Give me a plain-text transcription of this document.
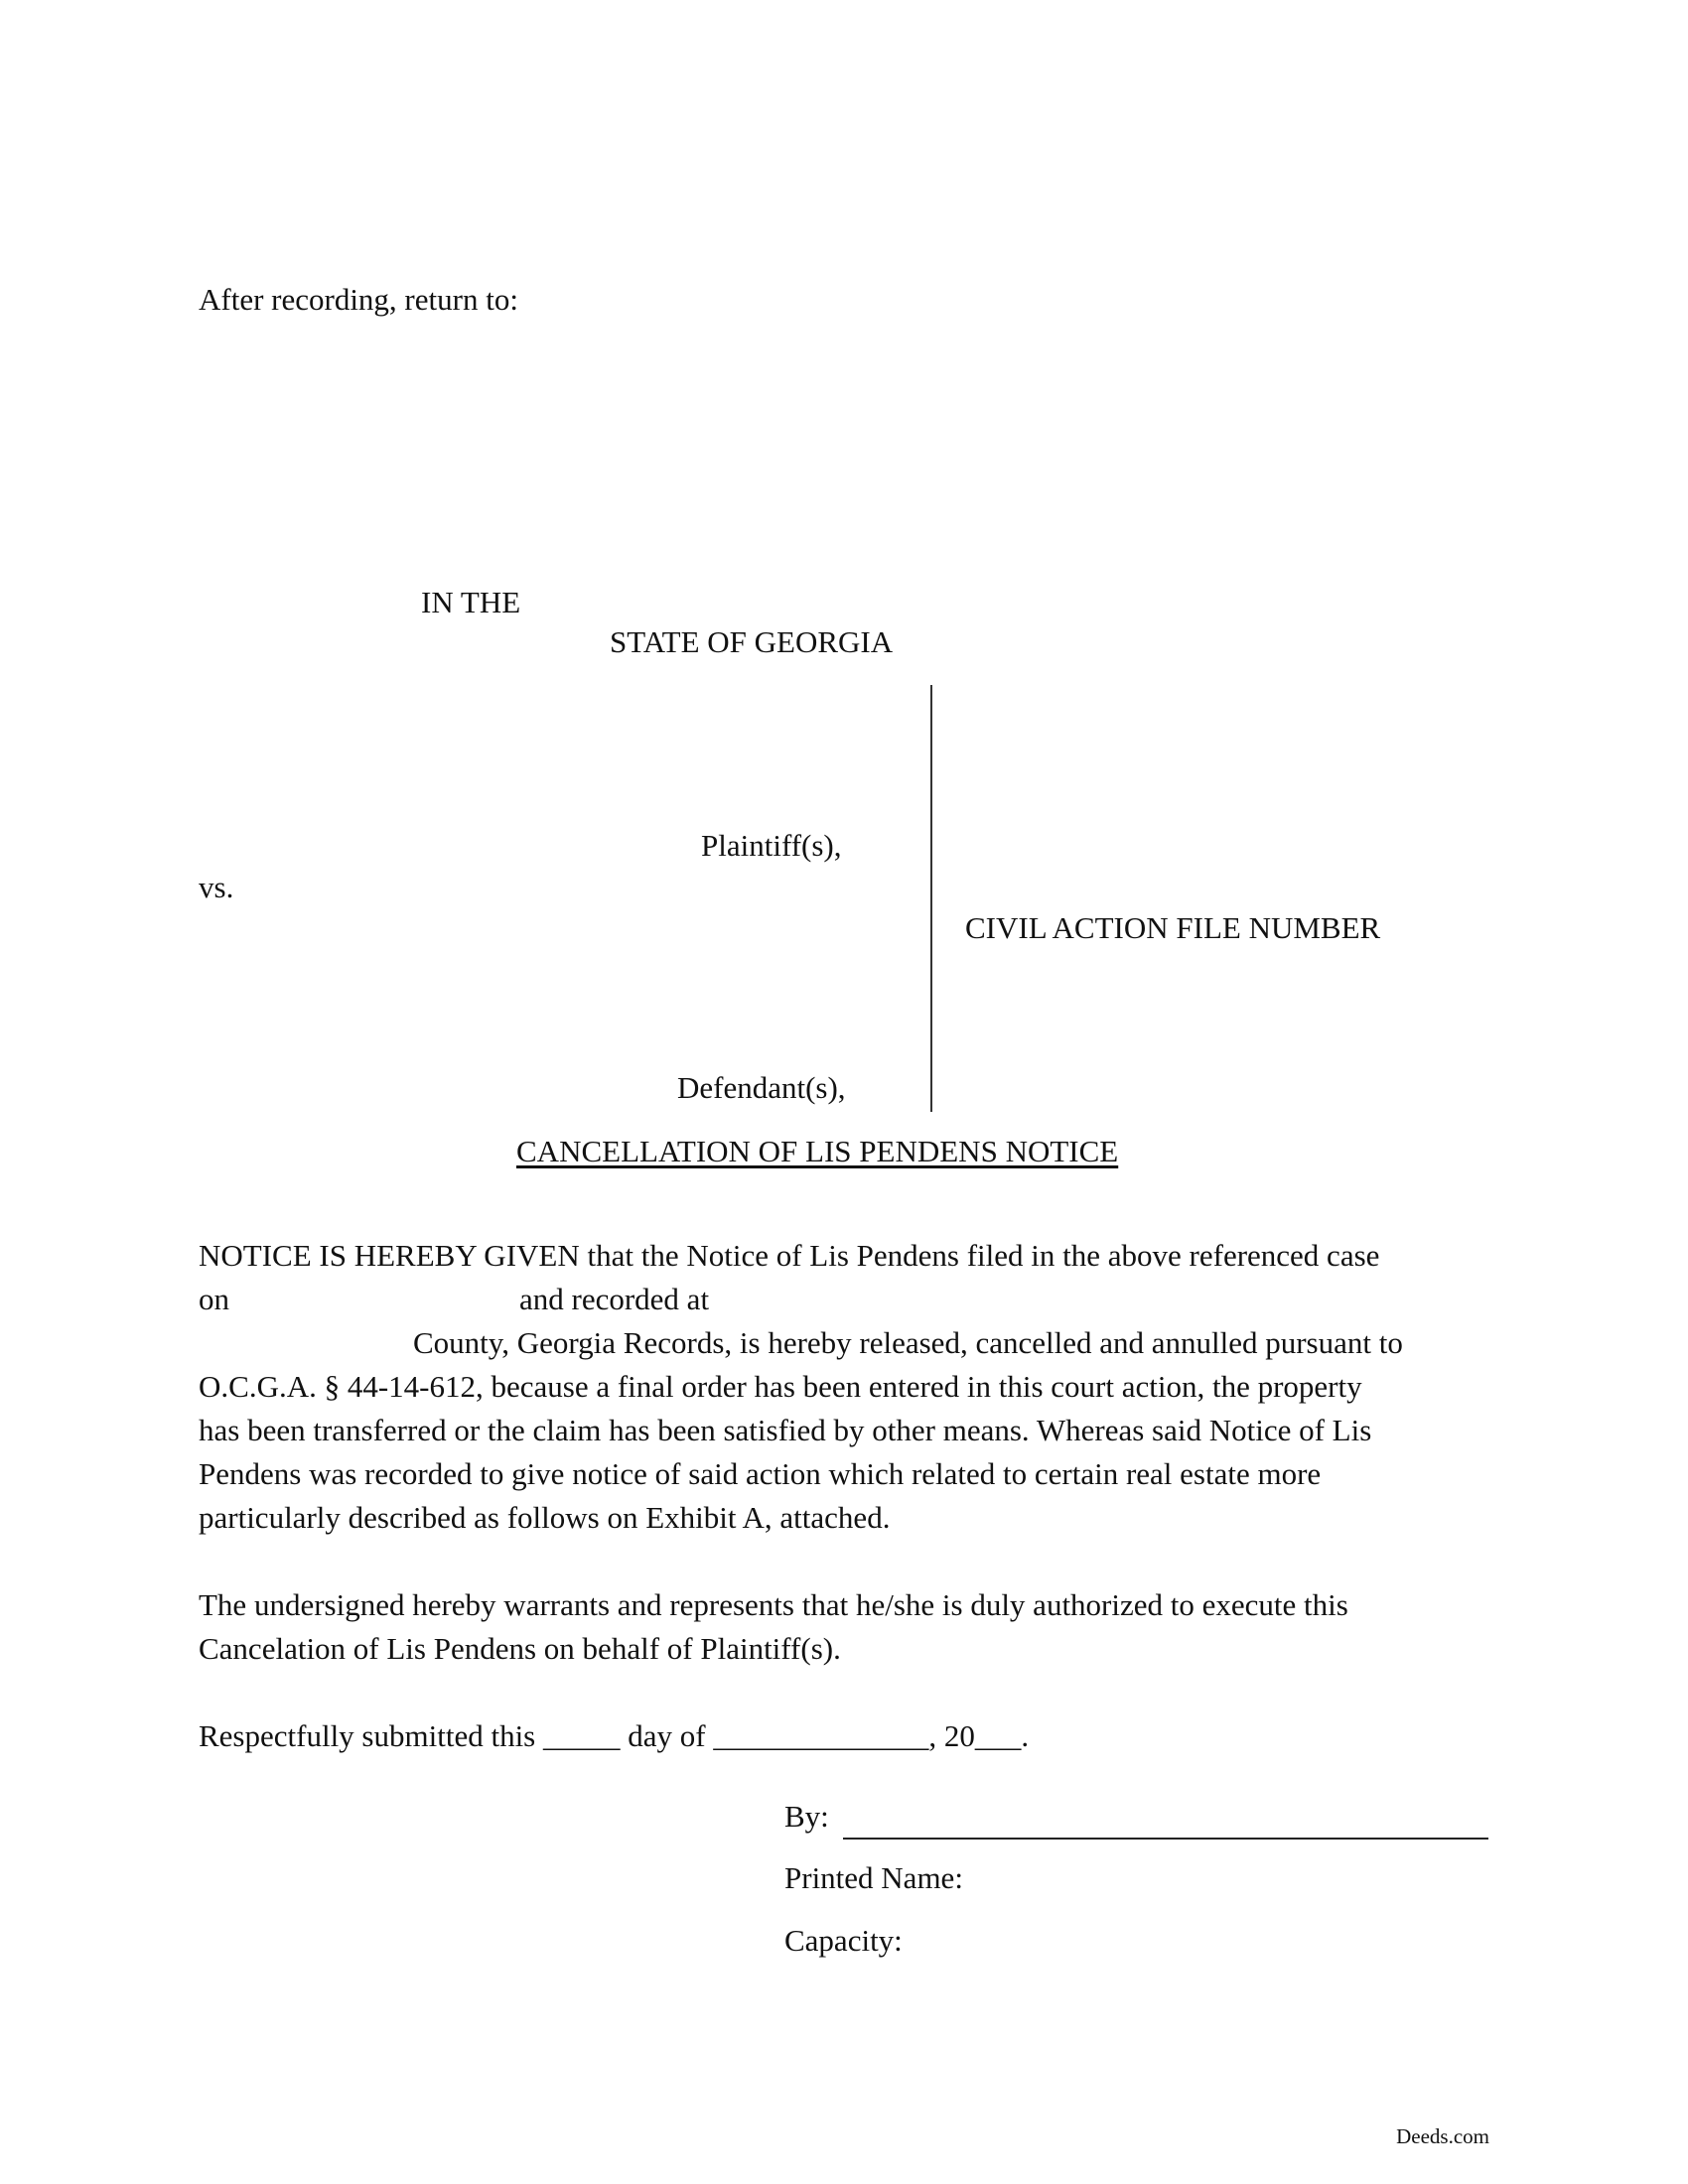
After recording, return to:
IN THE
STATE OF GEORGIA
Plaintiff(s),
vs.
CIVIL ACTION FILE NUMBER
Defendant(s),
CANCELLATION OF LIS PENDENS NOTICE
NOTICE IS HEREBY GIVEN that the Notice of Lis Pendens filed in the above referenced case
on	and recorded at
County, Georgia Records, is hereby released, cancelled and annulled pursuant to
O.C.G.A. § 44-14-612, because a final order has been entered in this court action, the property
has been transferred or the claim has been satisfied by other means. Whereas said Notice of Lis
Pendens was recorded to give notice of said action which related to certain real estate more
particularly described as follows on Exhibit A, attached.
The undersigned hereby warrants and represents that he/she is duly authorized to execute this
Cancelation of Lis Pendens on behalf of Plaintiff(s).
Respectfully submitted this _____ day of ______________, 20___.
By:
Printed Name:
Capacity:
Deeds.com
